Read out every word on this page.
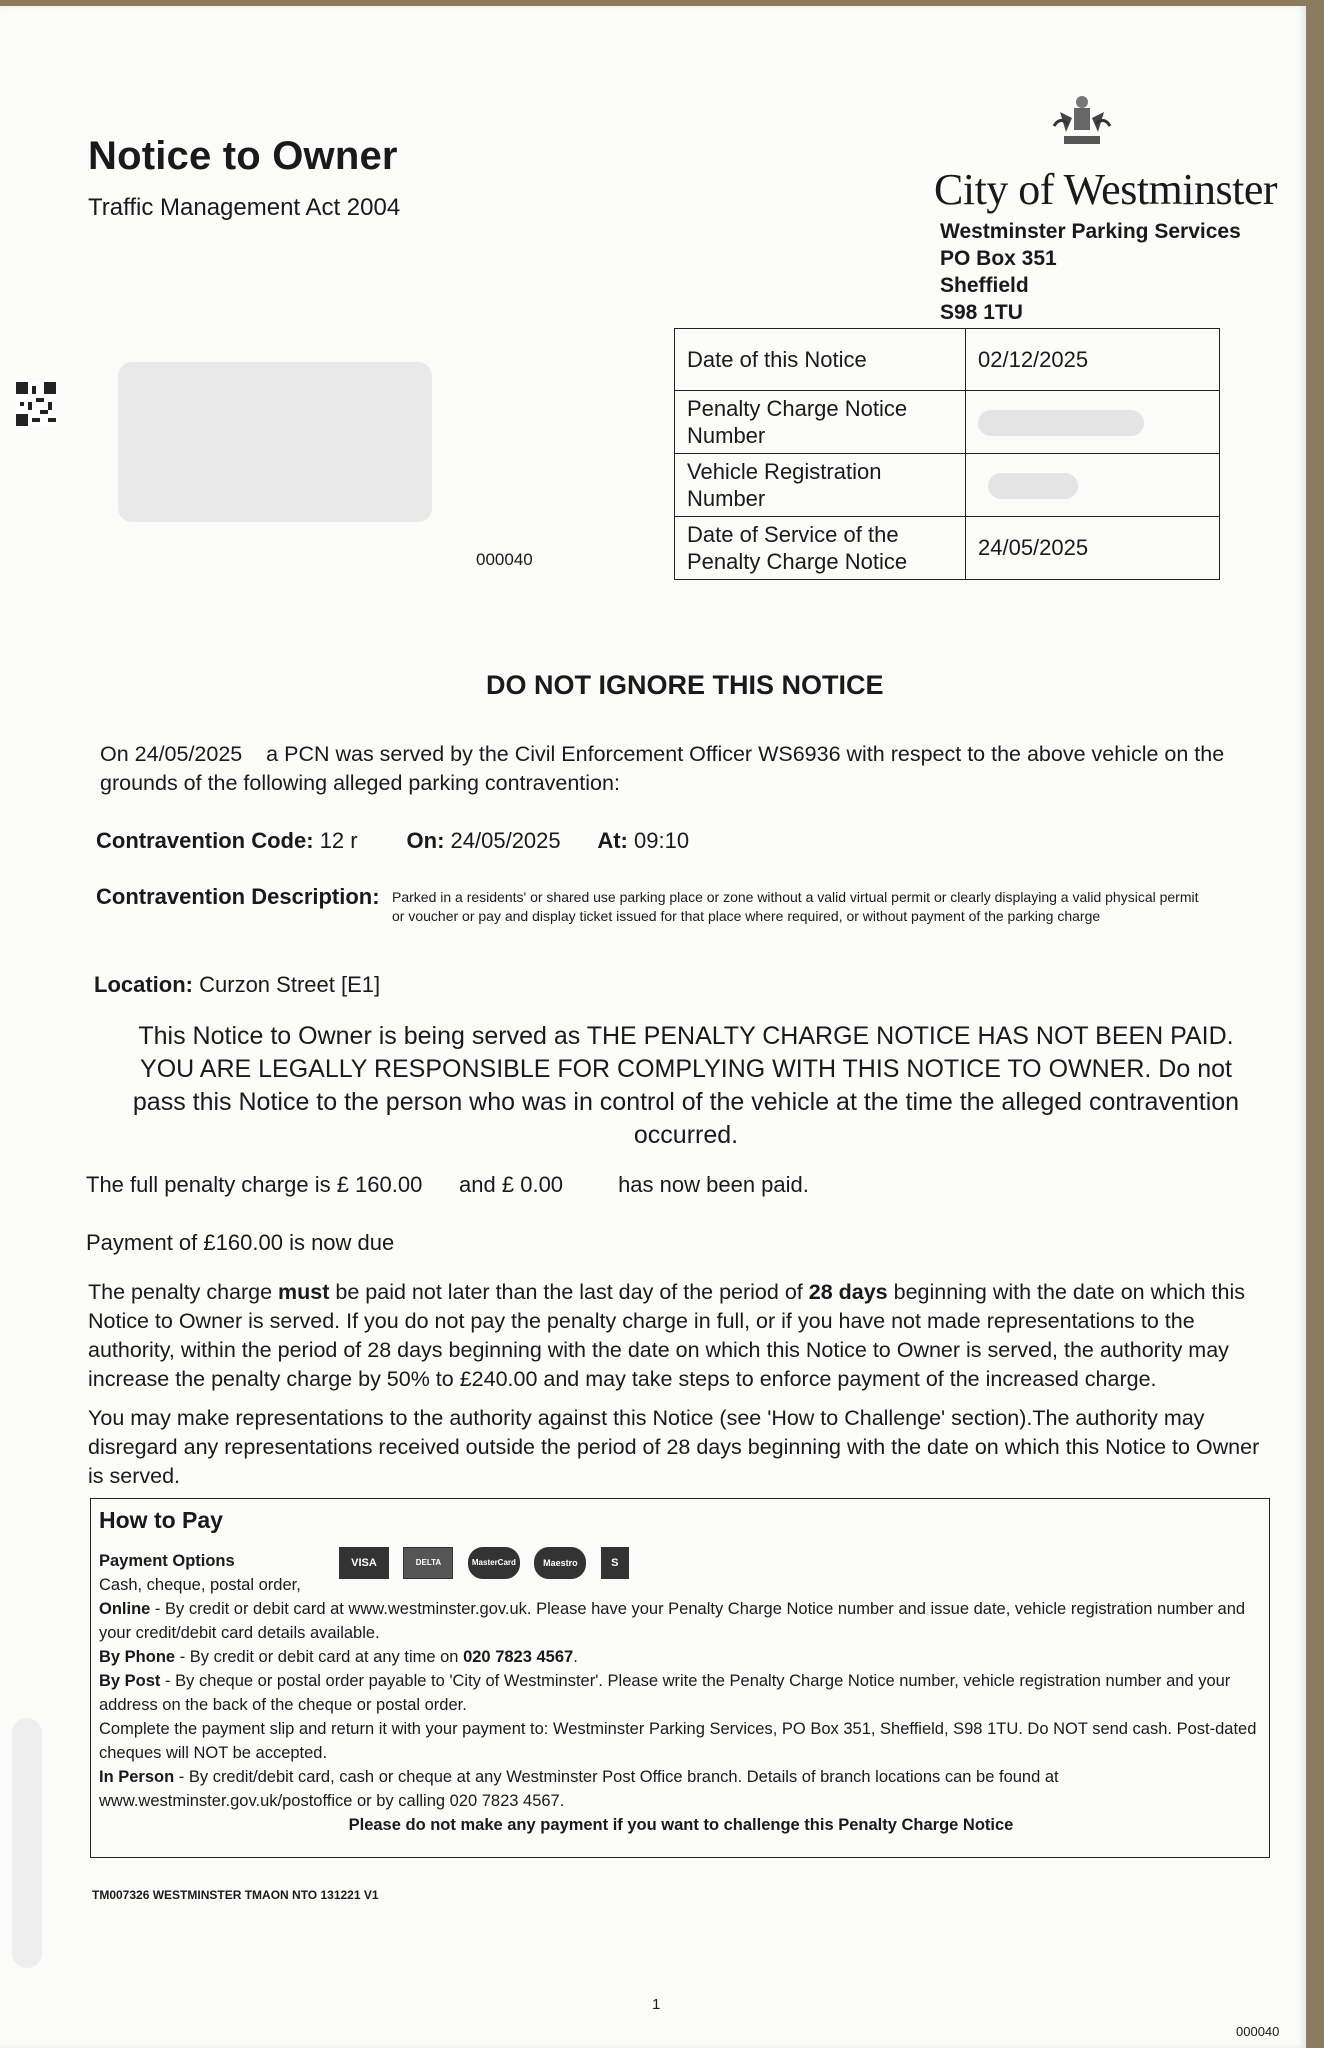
Notice to Owner
Traffic Management Act 2004	City of Westminster
Westminster Parking Services
PO Box 351
Sheffield
S98 1TU
000040
Date of this Notice	02/12/2025
Penalty Charge Notice Number	
Vehicle Registration Number	
Date of Service of the Penalty Charge Notice	24/05/2025
DO NOT IGNORE THIS NOTICE
On 24/05/2025 a PCN was served by the Civil Enforcement Officer WS6936 with respect to the above vehicle on the grounds of the following alleged parking contravention:
Contravention Code: 12 r On: 24/05/2025 At: 09:10
Contravention Description: Parked in a residents' or shared use parking place or zone without a valid virtual permit or clearly displaying a valid physical permit or voucher or pay and display ticket issued for that place where required, or without payment of the parking charge
Location: Curzon Street [E1]
This Notice to Owner is being served as THE PENALTY CHARGE NOTICE HAS NOT BEEN PAID. YOU ARE LEGALLY RESPONSIBLE FOR COMPLYING WITH THIS NOTICE TO OWNER. Do not pass this Notice to the person who was in control of the vehicle at the time the alleged contravention occurred.
The full penalty charge is £ 160.00 and £ 0.00	has now been paid.
Payment of £160.00 is now due
The penalty charge must be paid not later than the last day of the period of 28 days beginning with the date on which this Notice to Owner is served. If you do not pay the penalty charge in full, or if you have not made representations to the authority, within the period of 28 days beginning with the date on which this Notice to Owner is served, the authority may increase the penalty charge by 50% to £240.00 and may take steps to enforce payment of the increased charge.
You may make representations to the authority against this Notice (see 'How to Challenge' section).The authority may disregard any representations received outside the period of 28 days beginning with the date on which this Notice to Owner is served.
How to Pay
VISA	DELTA	MasterCard	Maestro	S
Payment Options
Cash, cheque, postal order,
Online - By credit or debit card at www.westminster.gov.uk. Please have your Penalty Charge Notice number and issue date, vehicle registration number and your credit/debit card details available.
By Phone - By credit or debit card at any time on 020 7823 4567.
By Post - By cheque or postal order payable to 'City of Westminster'. Please write the Penalty Charge Notice number, vehicle registration number and your address on the back of the cheque or postal order.
Complete the payment slip and return it with your payment to: Westminster Parking Services, PO Box 351, Sheffield, S98 1TU. Do NOT send cash. Post-dated cheques will NOT be accepted.
In Person - By credit/debit card, cash or cheque at any Westminster Post Office branch. Details of branch locations can be found at www.westminster.gov.uk/postoffice or by calling 020 7823 4567.
Please do not make any payment if you want to challenge this Penalty Charge Notice
TM007326 WESTMINSTER TMAON NTO 131221 V1
1
000040
